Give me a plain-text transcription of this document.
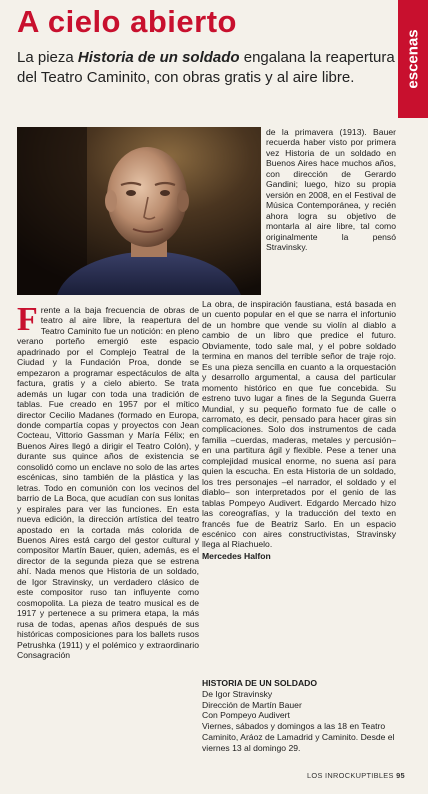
A cielo abierto
escenas

La pieza Historia de un soldado engalana la reapertura del Teatro Caminito, con obras gratis y al aire libre.

Frente a la baja frecuencia de obras de teatro al aire libre, la reapertura del Teatro Caminito fue un notición: en pleno verano porteño emergió este espacio apadrinado por el Complejo Teatral de la Ciudad y la Fundación Proa, donde se empezaron a programar espectáculos de alta factura, gratis y a cielo abierto. Se trata además un lugar con toda una tradición de tablas. Fue creado en 1957 por el mítico director Cecilio Madanes (formado en Europa, donde compartía copas y proyectos con Jean Cocteau, Vittorio Gassman y María Félix; en Buenos Aires llegó a dirigir el Teatro Colón), y durante sus quince años de existencia se consolidó como un enclave no solo de las artes escénicas, sino también de la plástica y las letras. Todo en comunión con los vecinos del barrio de La Boca, que acudían con sus lonitas y espirales para ver las funciones. En esta nueva edición, la dirección artística del teatro apostado en la cortada más colorida de Buenos Aires está cargo del gestor cultural y compositor Martín Bauer, quien, además, es el director de la segunda pieza que se estrena ahí. Nada menos que Historia de un soldado, de Igor Stravinsky, un verdadero clásico de este compositor ruso tan influyente como cosmopolita. La pieza de teatro musical es de 1917 y pertenece a su primera etapa, la más rusa de todas, apenas años después de sus históricas composiciones para los ballets rusos Petrushka (1911) y el polémico y extraordinario Consagración

de la primavera (1913). Bauer recuerda haber visto por primera vez Historia de un soldado en Buenos Aires hace muchos años, con dirección de Gerardo Gandini; luego, hizo su propia versión en 2008, en el Festival de Música Contemporánea, y recién ahora logra su objetivo de montarla al aire libre, tal como originalmente la pensó Stravinsky.

La obra, de inspiración faustiana, está basada en un cuento popular en el que se narra el infortunio de un hombre que vende su violín al diablo a cambio de un libro que predice el futuro. Obviamente, todo sale mal, y el pobre soldado termina en manos del terrible señor de traje rojo. Es una pieza sencilla en cuanto a la orquestación y desarrollo argumental, a causa del particular momento histórico en que fue concebida. Su estreno tuvo lugar a fines de la Segunda Guerra Mundial, y su pequeño formato fue de calle o carromato, es decir, pensado para hacer giras sin complicaciones. Solo dos instrumentos de cada familia –cuerdas, maderas, metales y percusión– en una partitura ágil y flexible. Pese a tener una complejidad musical enorme, no suena así para quien la escucha. En esta Historia de un soldado, los tres personajes –el narrador, el soldado y el diablo– son interpretados por el genio de las tablas Pompeyo Audivert. Edgardo Mercado hizo las coreografías, y la traducción del texto en francés fue de Beatriz Sarlo. En un espacio escénico con aires constructivistas, Stravinsky llega al Riachuelo.

Mercedes Halfon

HISTORIA DE UN SOLDADO

De Igor Stravinsky

Dirección de Martín Bauer

Con Pompeyo Audivert

Viernes, sábados y domingos a las 18 en Teatro Caminito, Aráoz de Lamadrid y Caminito. Desde el viernes 13 al domingo 29.

LOS INROCKUPTIBLES 95
